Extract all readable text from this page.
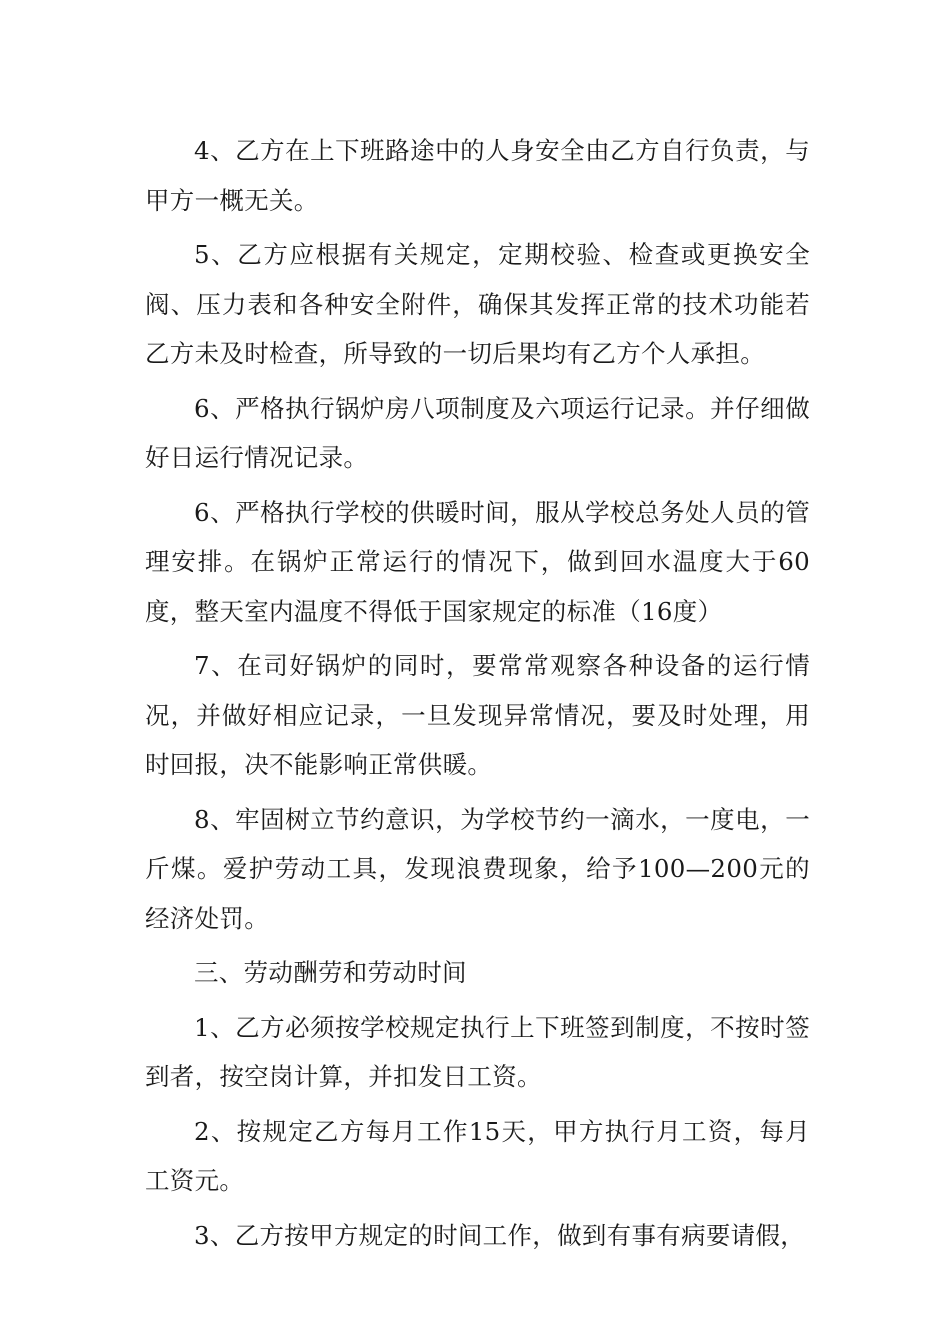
4、乙方在上下班路途中的人身安全由乙方自行负责，与甲方一概无关。

5、乙方应根据有关规定，定期校验、检查或更换安全阀、压力表和各种安全附件，确保其发挥正常的技术功能若乙方未及时检查，所导致的一切后果均有乙方个人承担。

6、严格执行锅炉房八项制度及六项运行记录。并仔细做好日运行情况记录。

6、严格执行学校的供暖时间，服从学校总务处人员的管理安排。在锅炉正常运行的情况下，做到回水温度大于60度，整天室内温度不得低于国家规定的标准（16度）

7、在司好锅炉的同时，要常常观察各种设备的运行情况，并做好相应记录，一旦发现异常情况，要及时处理，用时回报，决不能影响正常供暖。

8、牢固树立节约意识，为学校节约一滴水，一度电，一斤煤。爱护劳动工具，发现浪费现象，给予100—200元的经济处罚。

三、劳动酬劳和劳动时间

1、乙方必须按学校规定执行上下班签到制度，不按时签到者，按空岗计算，并扣发日工资。

2、按规定乙方每月工作15天，甲方执行月工资，每月工资元。

3、乙方按甲方规定的时间工作，做到有事有病要请假，
